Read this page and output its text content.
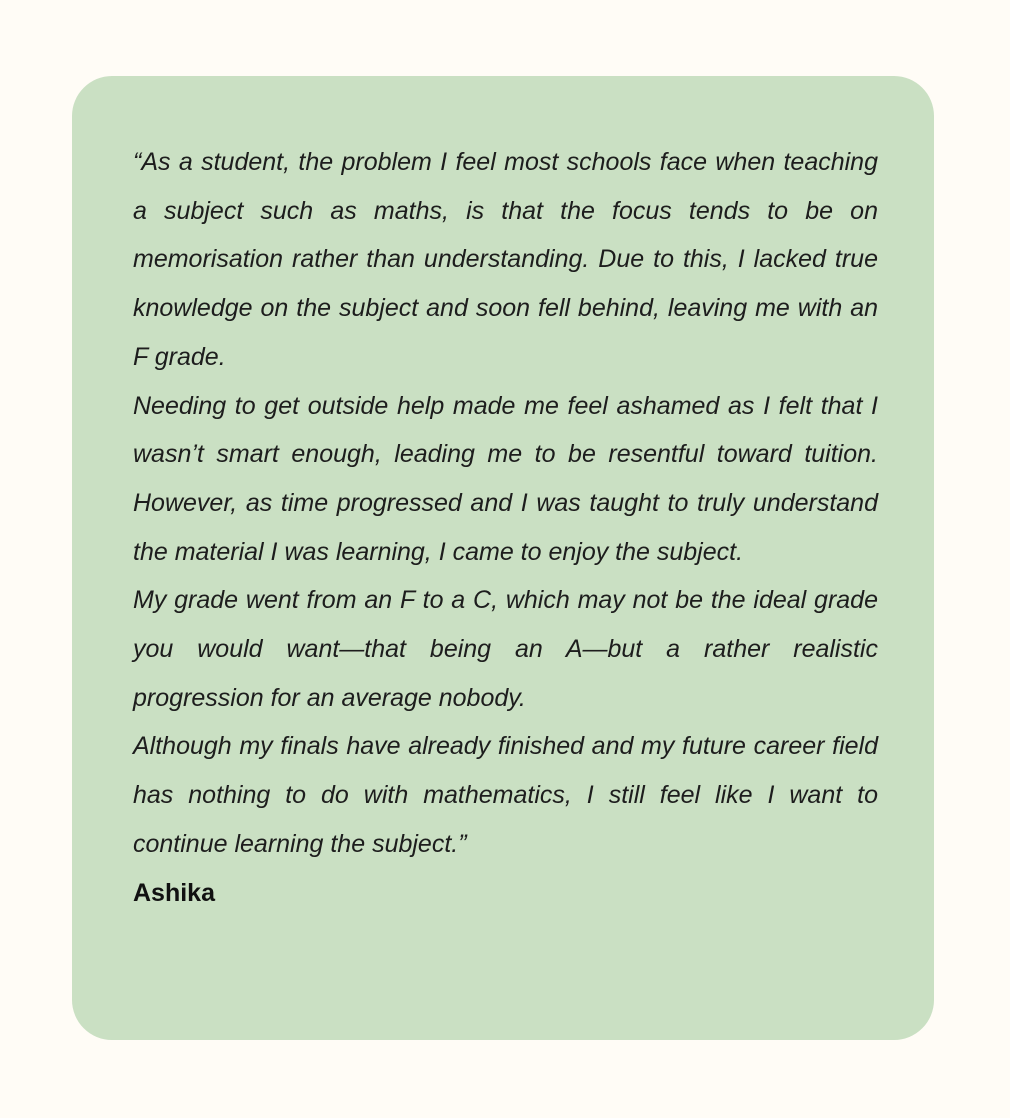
“As a student, the problem I feel most schools face when teaching a subject such as maths, is that the focus tends to be on memorisation rather than understanding. Due to this, I lacked true knowledge on the subject and soon fell behind, leaving me with an F grade.

Needing to get outside help made me feel ashamed as I felt that I wasn’t smart enough, leading me to be resentful toward tuition. However, as time progressed and I was taught to truly understand the material I was learning, I came to enjoy the subject.

My grade went from an F to a C, which may not be the ideal grade you would want—that being an A—but a rather realistic progression for an average nobody.

Although my finals have already finished and my future career field has nothing to do with mathematics, I still feel like I want to continue learning the subject.”

Ashika
